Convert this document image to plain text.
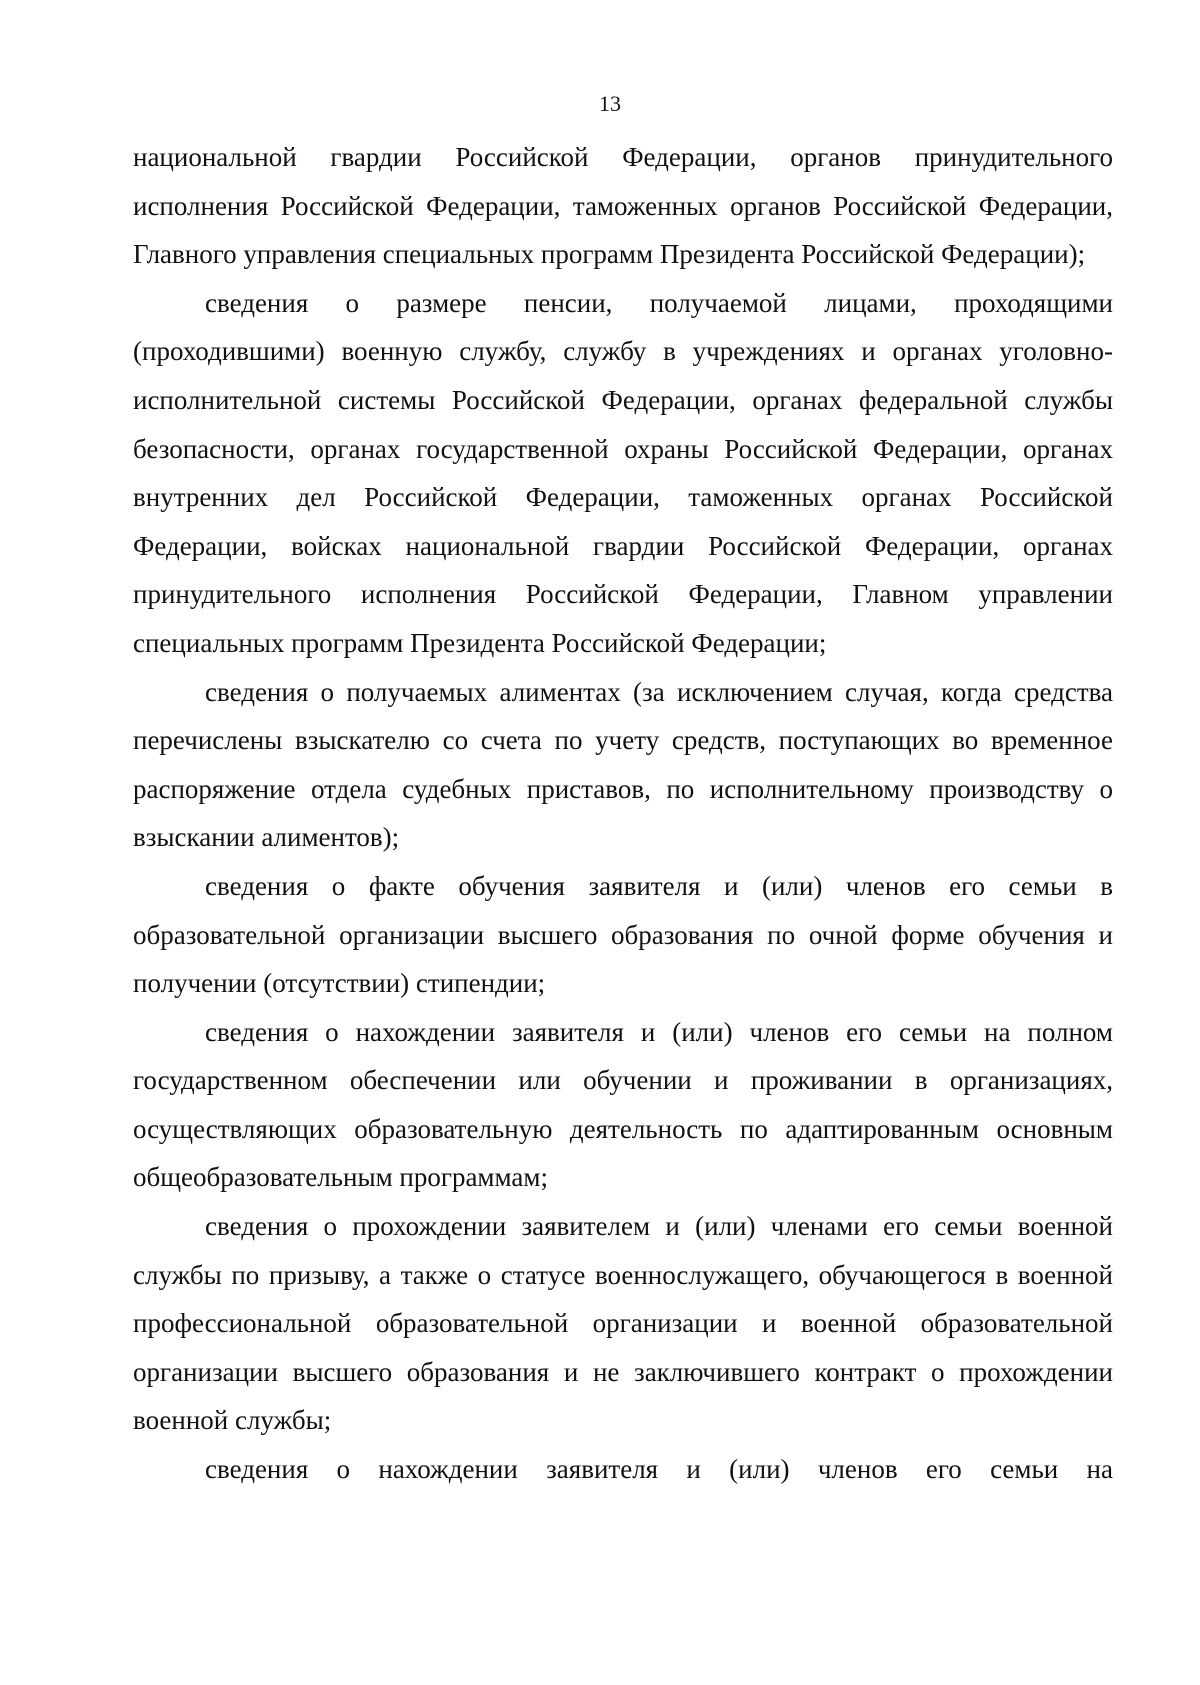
13

национальной гвардии Российской Федерации, органов принудительного исполнения Российской Федерации, таможенных органов Российской Федерации, Главного управления специальных программ Президента Российской Федерации);

сведения о размере пенсии, получаемой лицами, проходящими (проходившими) военную службу, службу в учреждениях и органах уголовно-исполнительной системы Российской Федерации, органах федеральной службы безопасности, органах государственной охраны Российской Федерации, органах внутренних дел Российской Федерации, таможенных органах Российской Федерации, войсках национальной гвардии Российской Федерации, органах принудительного исполнения Российской Федерации, Главном управлении специальных программ Президента Российской Федерации;

сведения о получаемых алиментах (за исключением случая, когда средства перечислены взыскателю со счета по учету средств, поступающих во временное распоряжение отдела судебных приставов, по исполнительному производству о взыскании алиментов);

сведения о факте обучения заявителя и (или) членов его семьи в образовательной организации высшего образования по очной форме обучения и получении (отсутствии) стипендии;

сведения о нахождении заявителя и (или) членов его семьи на полном государственном обеспечении или обучении и проживании в организациях, осуществляющих образовательную деятельность по адаптированным основным общеобразовательным программам;

сведения о прохождении заявителем и (или) членами его семьи военной службы по призыву, а также о статусе военнослужащего, обучающегося в военной профессиональной образовательной организации и военной образовательной организации высшего образования и не заключившего контракт о прохождении военной службы;

сведения о нахождении заявителя и (или) членов его семьи на
